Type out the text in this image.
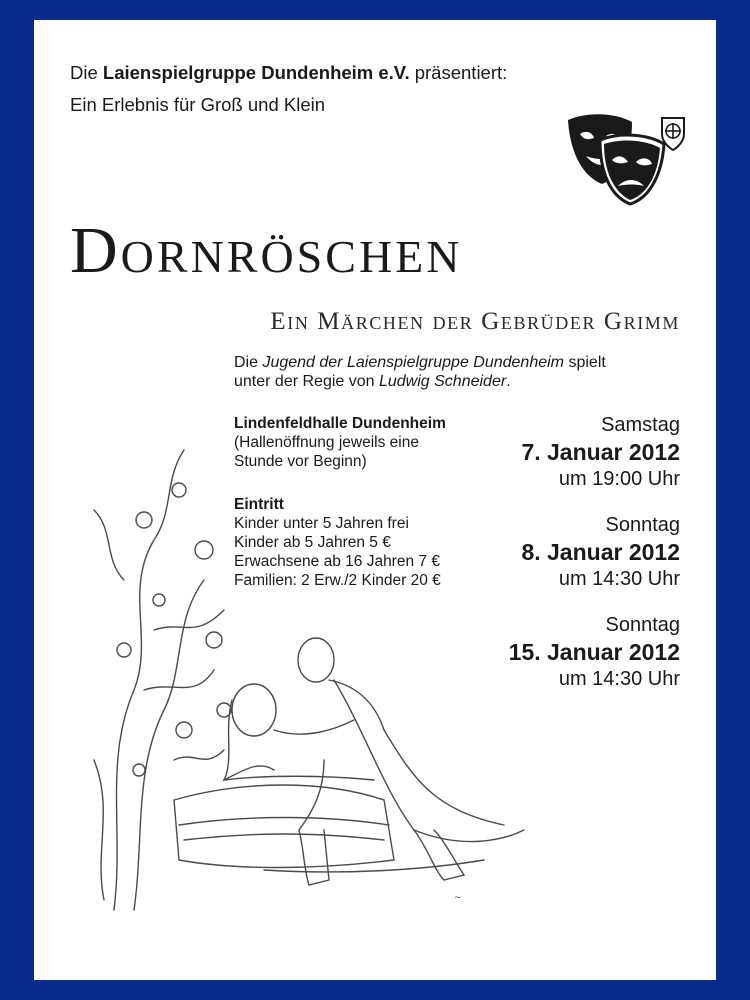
Die Laienspielgruppe Dundenheim e.V. präsentiert:
Ein Erlebnis für Groß und Klein
Dornröschen
Ein Märchen der Gebrüder Grimm
Die Jugend der Laienspielgruppe Dundenheim spielt
unter der Regie von Ludwig Schneider.
~
Lindenfeldhalle Dundenheim
(Hallenöffnung jeweils eine
Stunde vor Beginn)
Eintritt
Kinder unter 5 Jahren frei
Kinder ab 5 Jahren 5 €
Erwachsene ab 16 Jahren 7 €
Familien: 2 Erw./2 Kinder 20 €
Samstag
7. Januar 2012
um 19:00 Uhr
Sonntag
8. Januar 2012
um 14:30 Uhr
Sonntag
15. Januar 2012
um 14:30 Uhr
